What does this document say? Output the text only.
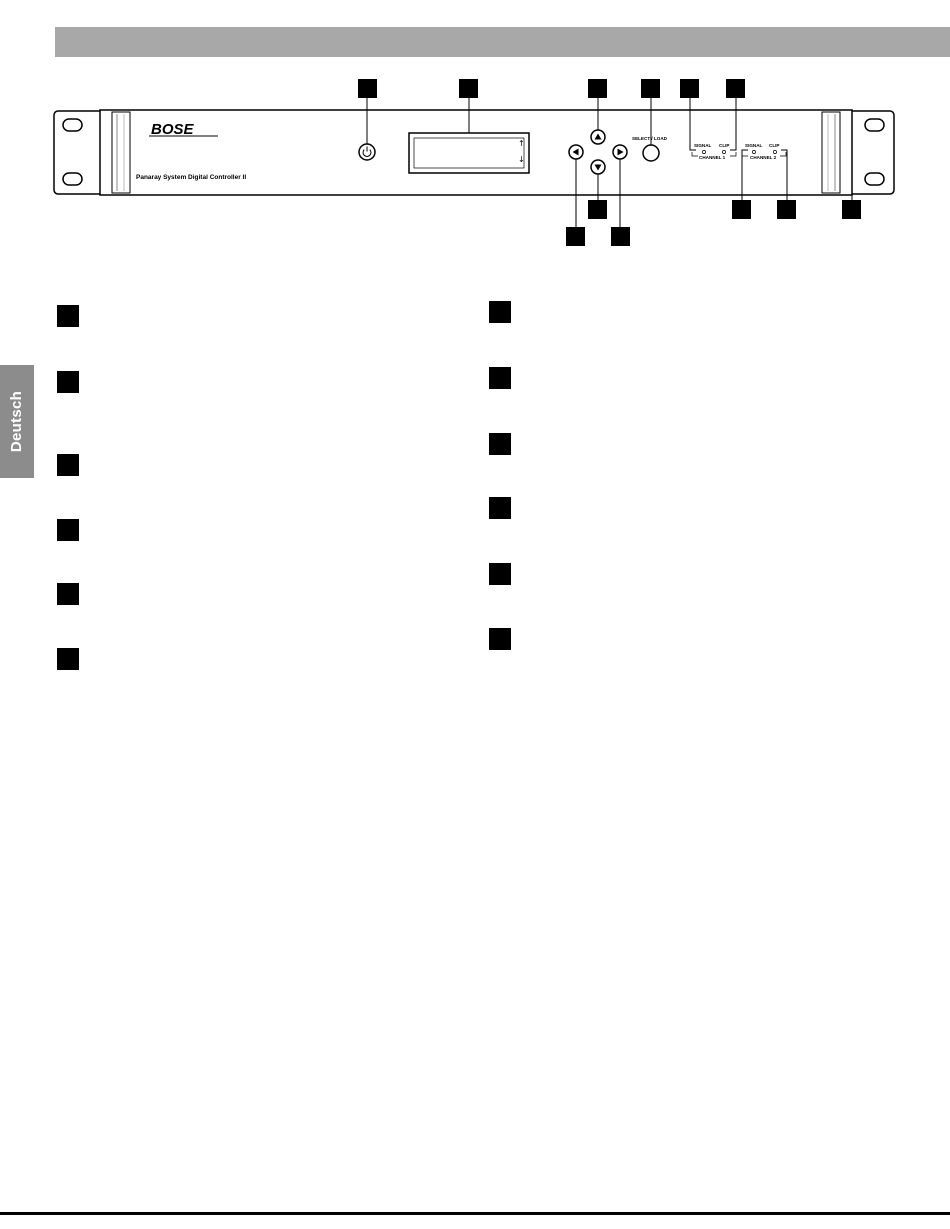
Deutsch
BOSE
Panaray System Digital Controller II
↑
↓
SELECT / LOAD
SIGNAL CLIP
CHANNEL 1
SIGNAL CLIP
CHANNEL 2
